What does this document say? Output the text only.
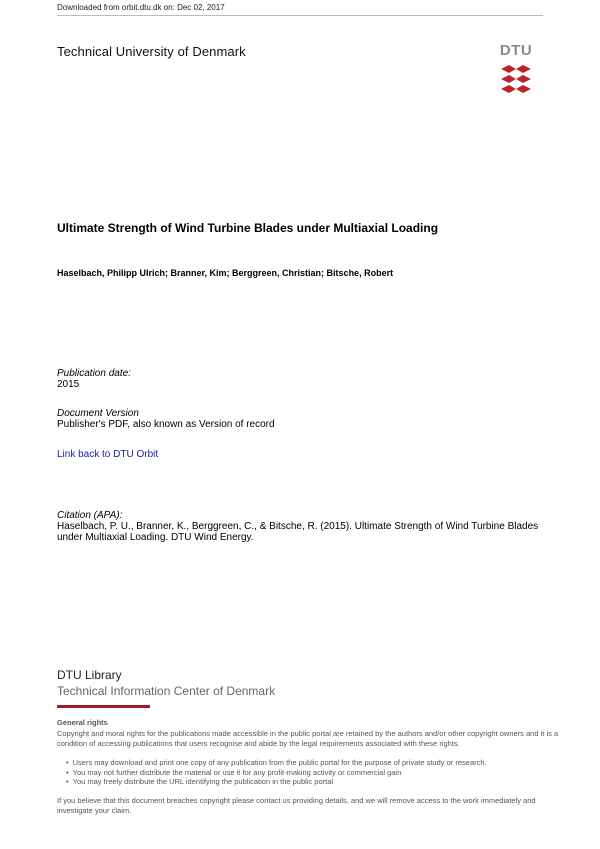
Downloaded from orbit.dtu.dk on: Dec 02, 2017
Technical University of Denmark	DTU
Ultimate Strength of Wind Turbine Blades under Multiaxial Loading
Haselbach, Philipp Ulrich; Branner, Kim; Berggreen, Christian; Bitsche, Robert
Publication date:
2015
Document Version
Publisher's PDF, also known as Version of record
Link back to DTU Orbit
Citation (APA):
Haselbach, P. U., Branner, K., Berggreen, C., & Bitsche, R. (2015). Ultimate Strength of Wind Turbine Blades under Multiaxial Loading. DTU Wind Energy.
DTU Library
Technical Information Center of Denmark
General rights
Copyright and moral rights for the publications made accessible in the public portal are retained by the authors and/or other copyright owners and it is a condition of accessing publications that users recognise and abide by the legal requirements associated with these rights.
• Users may download and print one copy of any publication from the public portal for the purpose of private study or research.
• You may not further distribute the material or use it for any profit-making activity or commercial gain
• You may freely distribute the URL identifying the publication in the public portal
If you believe that this document breaches copyright please contact us providing details, and we will remove access to the work immediately and investigate your claim.
